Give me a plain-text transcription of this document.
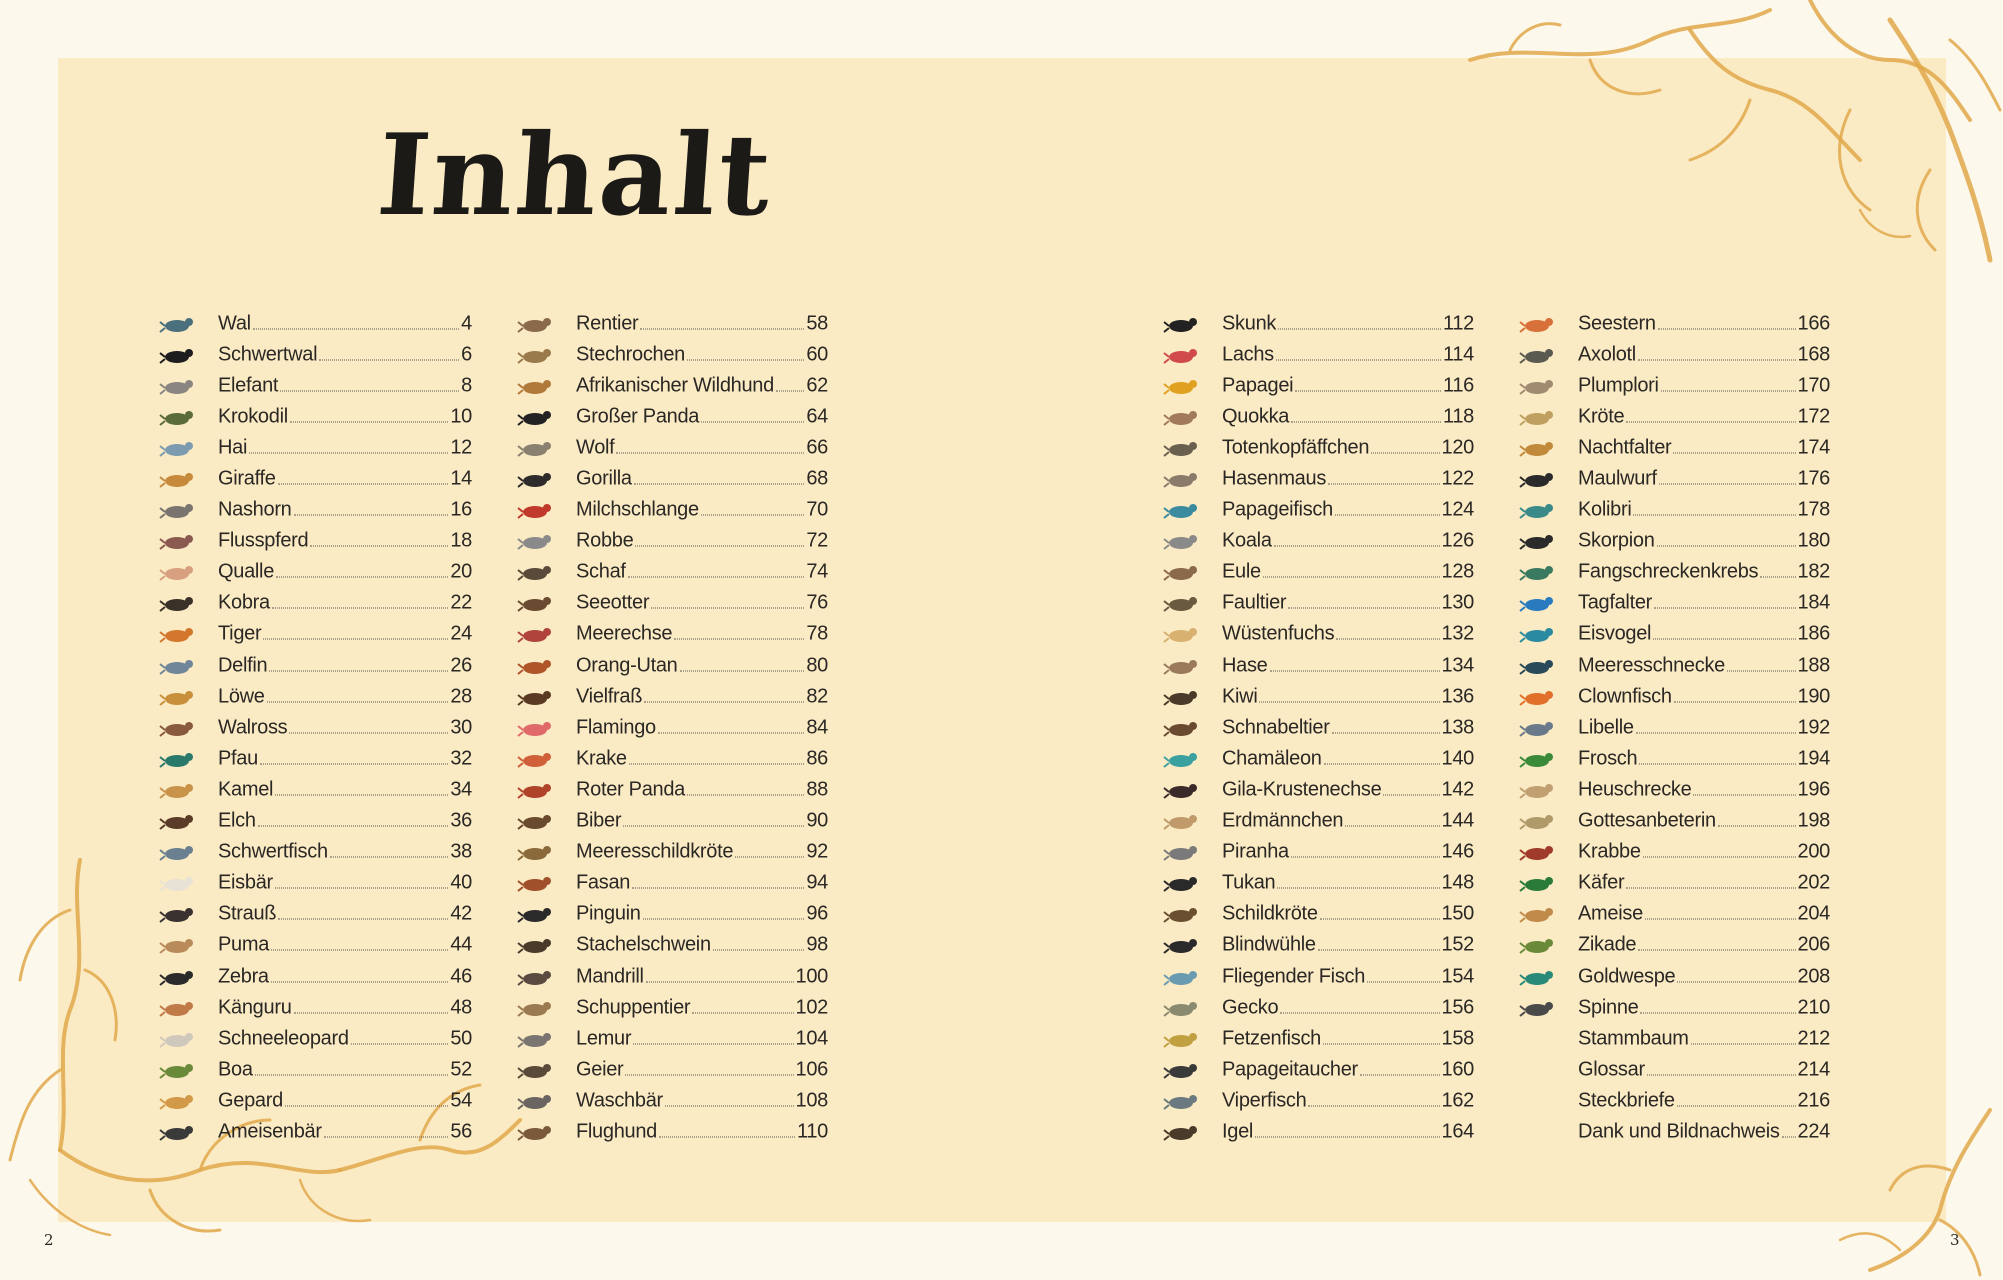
Inhalt
Wal	4
Schwertwal	6
Elefant	8
Krokodil	10
Hai	12
Giraffe	14
Nashorn	16
Flusspferd	18
Qualle	20
Kobra	22
Tiger	24
Delfin	26
Löwe	28
Walross	30
Pfau	32
Kamel	34
Elch	36
Schwertfisch	38
Eisbär	40
Strauß	42
Puma	44
Zebra	46
Känguru	48
Schneeleopard	50
Boa	52
Gepard	54
Ameisenbär	56
Rentier	58
Stechrochen	60
Afrikanischer Wildhund 62
Großer Panda	64
Wolf	66
Gorilla	68
Milchschlange	70
Robbe	72
Schaf	74
Seeotter	76
Meerechse	78
Orang-Utan	80
Vielfraß	82
Flamingo	84
Krake	86
Roter Panda	88
Biber	90
Meeresschildkröte	92
Fasan	94
Pinguin	96
Stachelschwein	98
Mandrill	100
Schuppentier	102
Lemur	104
Geier	106
Waschbär	108
Flughund	110
Skunk	112
Lachs	114
Papagei	116
Quokka	118
Totenkopfäffchen	120
Hasenmaus	122
Papageifisch	124
Koala	126
Eule	128
Faultier	130
Wüstenfuchs	132
Hase	134
Kiwi	136
Schnabeltier	138
Chamäleon	140
Gila-Krustenechse	142
Erdmännchen	144
Piranha	146
Tukan	148
Schildkröte	150
Blindwühle	152
Fliegender Fisch	154
Gecko	156
Fetzenfisch	158
Papageitaucher	160
Viperfisch	162
Igel	164
Seestern	166
Axolotl	168
Plumplori	170
Kröte	172
Nachtfalter	174
Maulwurf	176
Kolibri	178
Skorpion	180
Fangschreckenkrebs 182
Tagfalter	184
Eisvogel	186
Meeresschnecke	188
Clownfisch	190
Libelle	192
Frosch	194
Heuschrecke	196
Gottesanbeterin	198
Krabbe	200
Käfer	202
Ameise	204
Zikade	206
Goldwespe	208
Spinne	210
Stammbaum	212
Glossar	214
Steckbriefe	216
Dank und Bildnachweis 224
2	3
